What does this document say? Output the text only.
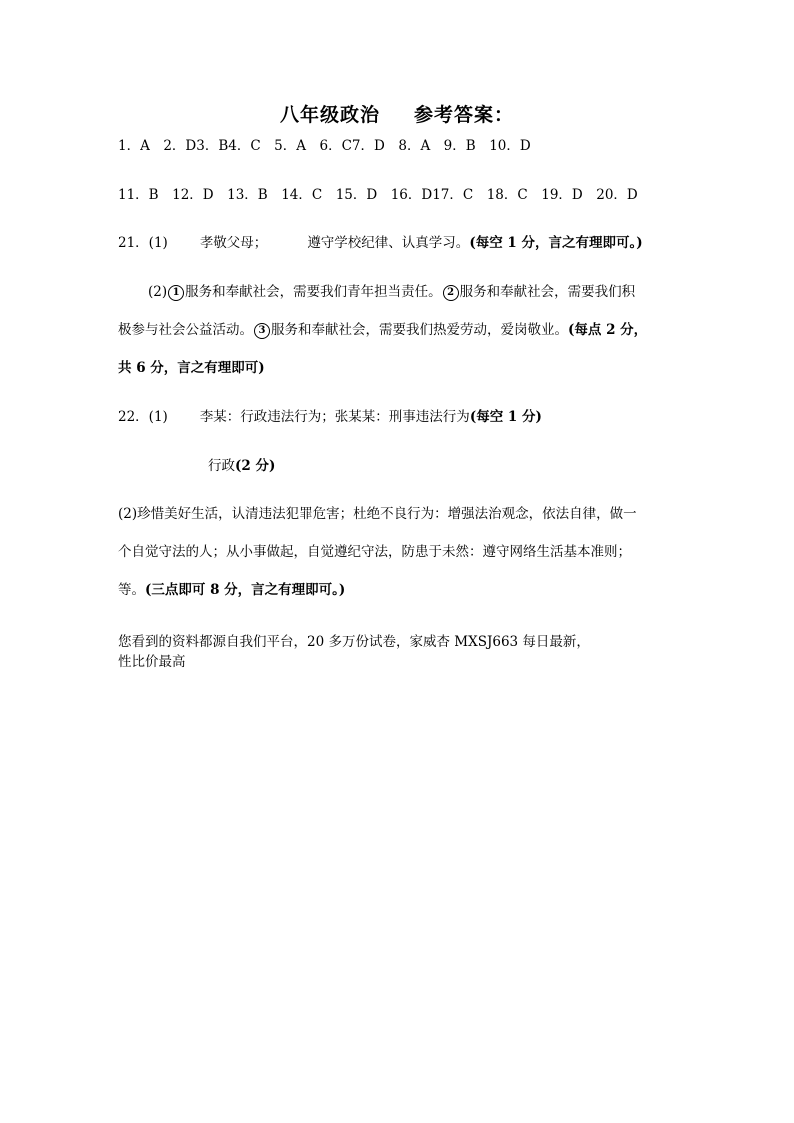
八年级政治 参考答案：
1．A　2．D3．B4．C　5．A　6．C7．D　8．A　9．B　10．D
11．B　12．D　13．B　14．C　15．D　16．D17．C　18．C　19．D　20．D
21．(1) 孝敬父母；	遵守学校纪律、认真学习。(每空 1 分，言之有理即可。)
(2) 1 服务和奉献社会，需要我们青年担当责任。 2 服务和奉献社会，需要我们积
极参与社会公益活动。 3 服务和奉献社会，需要我们热爱劳动，爱岗敬业。(每点 2 分，
共 6 分，言之有理即可)
22．(1) 李某：行政违法行为；张某某：刑事违法行为(每空 1 分)
行政(2 分)
(2)珍惜美好生活，认清违法犯罪危害；杜绝不良行为：增强法治观念，依法自律，做一
个自觉守法的人；从小事做起，自觉遵纪守法，防患于未然：遵守网络生活基本准则；
等。(三点即可 8 分，言之有理即可。)
您看到的资料都源自我们平台，20 多万份试卷，家威杏 MXSJ663 每日最新，
性比价最高
